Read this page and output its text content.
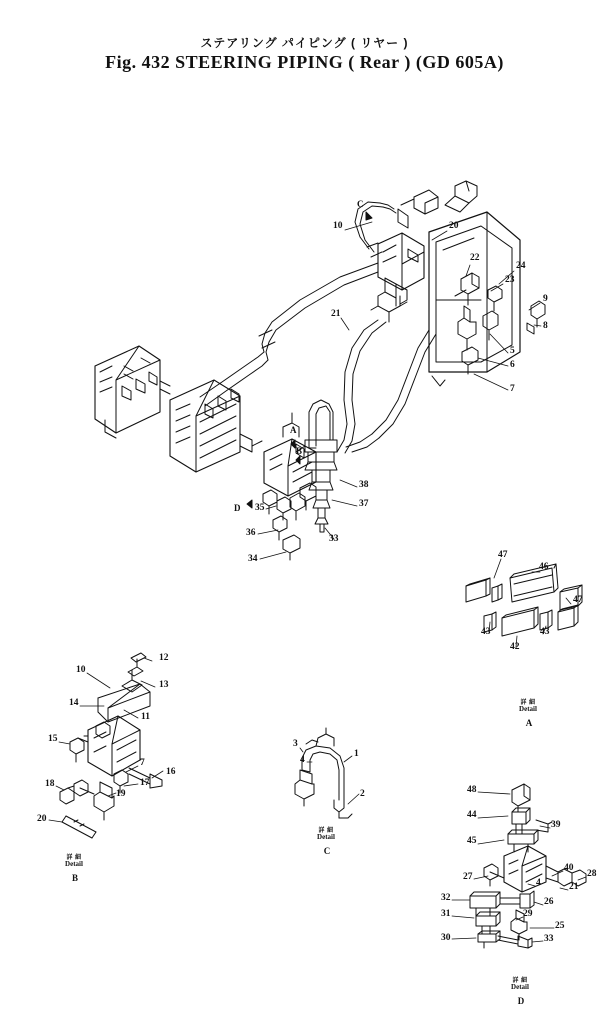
ステアリング パイピング ( リヤー )
Fig. 432 STEERING PIPING ( Rear ) (GD 605A)
10	20
22
24
23
8
9
5
6
7
21
38
37
33
35
36
34
A
B
C
D
47
46
47
43
42
43
詳 細
Detail
A
12
10
13
14
11
15
16
7
17
19
18
20
詳 細
Detail
B
3
4
1
2
詳 細
Detail
C
48
44
45
39
40
28
27
4	21
32
31	29
26
25
30	33
詳 細
Detail
D
